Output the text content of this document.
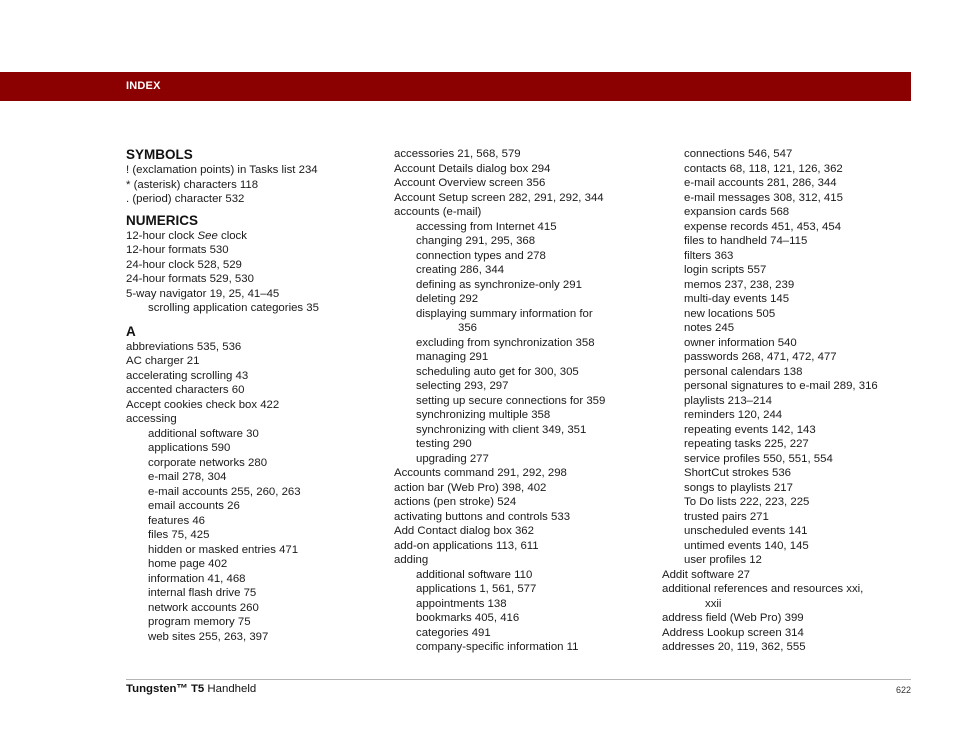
INDEX
SYMBOLS
! (exclamation points) in Tasks list 234
* (asterisk) characters 118
. (period) character 532
NUMERICS
12-hour clock See clock
12-hour formats 530
24-hour clock 528, 529
24-hour formats 529, 530
5-way navigator 19, 25, 41–45
scrolling application categories 35
A
abbreviations 535, 536
AC charger 21
accelerating scrolling 43
accented characters 60
Accept cookies check box 422
accessing
additional software 30
applications 590
corporate networks 280
e-mail 278, 304
e-mail accounts 255, 260, 263
email accounts 26
features 46
files 75, 425
hidden or masked entries 471
home page 402
information 41, 468
internal flash drive 75
network accounts 260
program memory 75
web sites 255, 263, 397
accessories 21, 568, 579
Account Details dialog box 294
Account Overview screen 356
Account Setup screen 282, 291, 292, 344
accounts (e-mail)
accessing from Internet 415
changing 291, 295, 368
connection types and 278
creating 286, 344
defining as synchronize-only 291
deleting 292
displaying summary information for
356
excluding from synchronization 358
managing 291
scheduling auto get for 300, 305
selecting 293, 297
setting up secure connections for 359
synchronizing multiple 358
synchronizing with client 349, 351
testing 290
upgrading 277
Accounts command 291, 292, 298
action bar (Web Pro) 398, 402
actions (pen stroke) 524
activating buttons and controls 533
Add Contact dialog box 362
add-on applications 113, 611
adding
additional software 110
applications 1, 561, 577
appointments 138
bookmarks 405, 416
categories 491
company-specific information 11
connections 546, 547
contacts 68, 118, 121, 126, 362
e-mail accounts 281, 286, 344
e-mail messages 308, 312, 415
expansion cards 568
expense records 451, 453, 454
files to handheld 74–115
filters 363
login scripts 557
memos 237, 238, 239
multi-day events 145
new locations 505
notes 245
owner information 540
passwords 268, 471, 472, 477
personal calendars 138
personal signatures to e-mail 289, 316
playlists 213–214
reminders 120, 244
repeating events 142, 143
repeating tasks 225, 227
service profiles 550, 551, 554
ShortCut strokes 536
songs to playlists 217
To Do lists 222, 223, 225
trusted pairs 271
unscheduled events 141
untimed events 140, 145
user profiles 12
Addit software 27
additional references and resources xxi,
xxii
address field (Web Pro) 399
Address Lookup screen 314
addresses 20, 119, 362, 555
Tungsten™ T5 Handheld	622
